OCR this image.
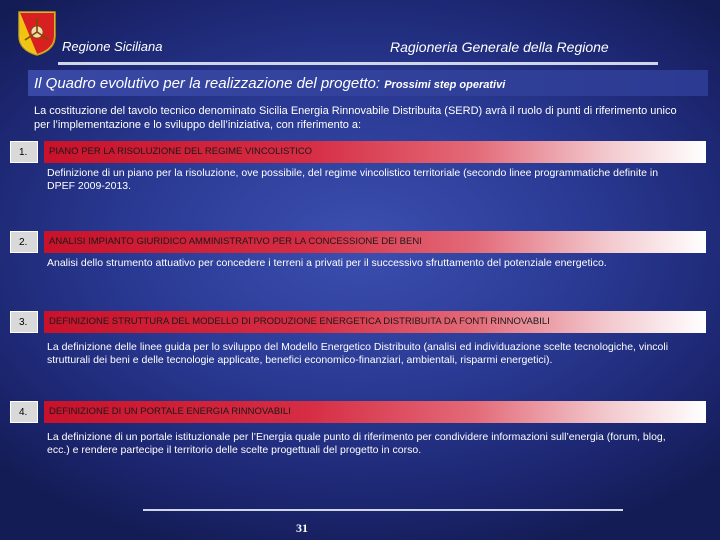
Regione Siciliana	Ragioneria Generale della Regione
Il Quadro evolutivo per la realizzazione del progetto: Prossimi step operativi
La costituzione del tavolo tecnico denominato Sicilia Energia Rinnovabile Distribuita (SERD) avrà il ruolo di punti di riferimento unico per l’implementazione e lo sviluppo dell’iniziativa, con riferimento a:
1.	PIANO PER LA RISOLUZIONE DEL REGIME VINCOLISTICO
Definizione di un piano per la risoluzione, ove possibile, del regime vincolistico territoriale (secondo linee programmatiche definite in DPEF 2009-2013.
2.	ANALISI IMPIANTO GIURIDICO AMMINISTRATIVO PER LA CONCESSIONE DEI BENI
Analisi dello strumento attuativo per concedere i terreni a privati per il successivo sfruttamento del potenziale energetico.
3.	DEFINIZIONE STRUTTURA DEL MODELLO DI PRODUZIONE ENERGETICA DISTRIBUITA DA FONTI RINNOVABILI
La definizione delle linee guida per lo sviluppo del Modello Energetico Distribuito (analisi ed individuazione scelte tecnologiche, vincoli strutturali dei beni e delle tecnologie applicate, benefici economico-finanziari, ambientali, risparmi energetici).
4.	DEFINIZIONE DI UN PORTALE ENERGIA RINNOVABILI
La definizione di un portale istituzionale per l’Energia quale punto di riferimento per condividere informazioni sull’energia (forum, blog, ecc.) e rendere partecipe il territorio delle scelte progettuali del progetto in corso.
31
